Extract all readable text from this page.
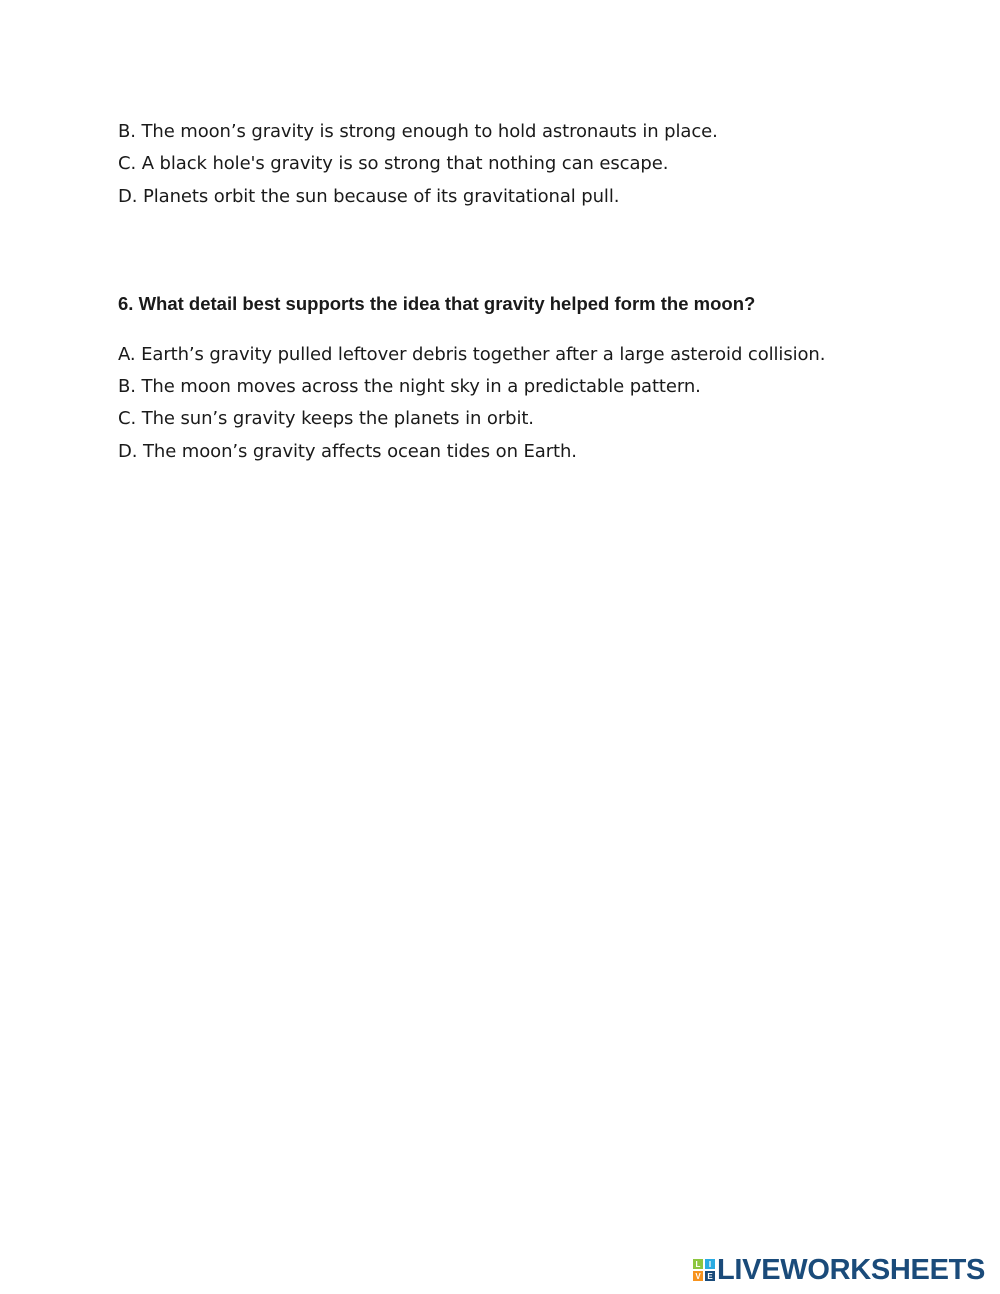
B. The moon’s gravity is strong enough to hold astronauts in place.
C. A black hole's gravity is so strong that nothing can escape.
D. Planets orbit the sun because of its gravitational pull.
6. What detail best supports the idea that gravity helped form the moon?
A. Earth’s gravity pulled leftover debris together after a large asteroid collision.
B. The moon moves across the night sky in a predictable pattern.
C. The sun’s gravity keeps the planets in orbit.
D. The moon’s gravity affects ocean tides on Earth.
L I
V E LIVEWORKSHEETS
